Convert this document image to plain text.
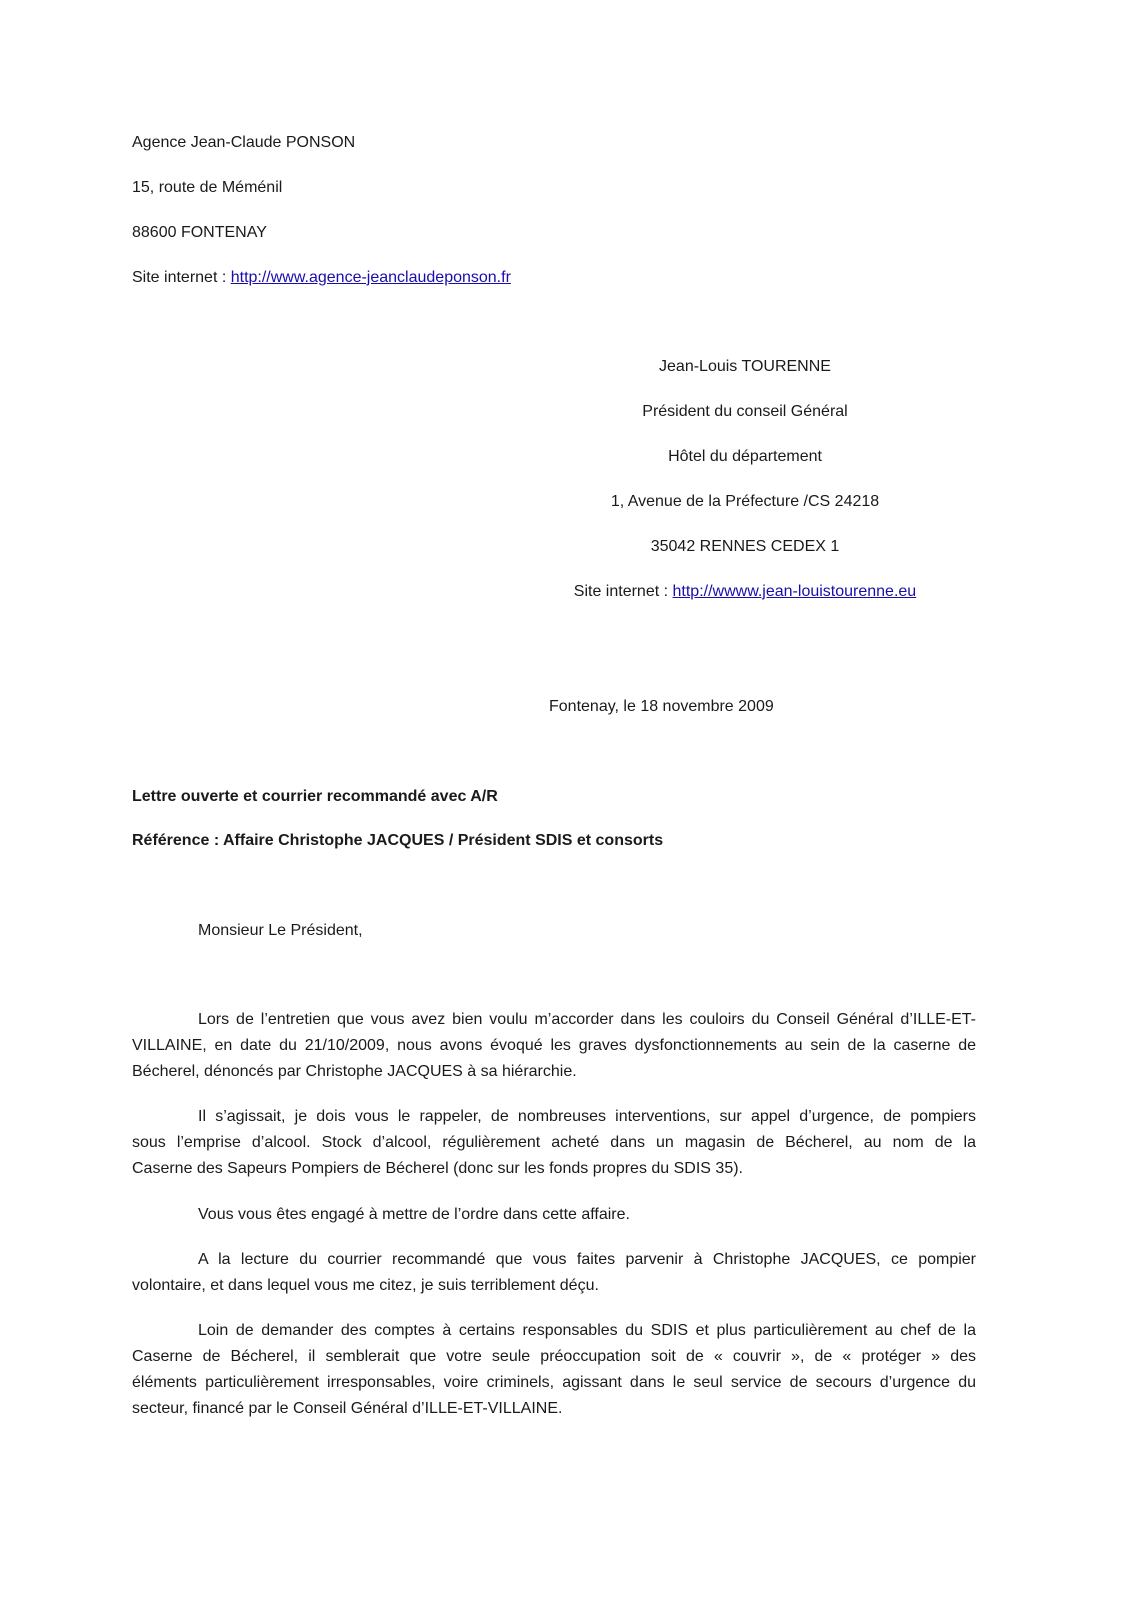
Agence Jean-Claude PONSON
15, route de Méménil
88600 FONTENAY
Site internet : http://www.agence-jeanclaudeponson.fr
Jean-Louis TOURENNE
Président du conseil Général
Hôtel du département
1, Avenue de la Préfecture /CS 24218
35042 RENNES CEDEX 1
Site internet : http://wwww.jean-louistourenne.eu
Fontenay, le 18 novembre 2009
Lettre ouverte et courrier recommandé avec A/R
Référence : Affaire Christophe JACQUES / Président SDIS et consorts
Monsieur Le Président,
Lors de l’entretien que vous avez bien voulu m’accorder dans les couloirs du Conseil Général d’ILLE-ET-
VILLAINE, en date du 21/10/2009, nous avons évoqué les graves dysfonctionnements au sein de la caserne de
Bécherel, dénoncés par Christophe JACQUES à sa hiérarchie.
Il s’agissait, je dois vous le rappeler, de nombreuses interventions, sur appel d’urgence, de pompiers
sous l’emprise d’alcool. Stock d’alcool, régulièrement acheté dans un magasin de Bécherel, au nom de la
Caserne des Sapeurs Pompiers de Bécherel (donc sur les fonds propres du SDIS 35).
Vous vous êtes engagé à mettre de l’ordre dans cette affaire.
A la lecture du courrier recommandé que vous faites parvenir à Christophe JACQUES, ce pompier
volontaire, et dans lequel vous me citez, je suis terriblement déçu.
Loin de demander des comptes à certains responsables du SDIS et plus particulièrement au chef de la
Caserne de Bécherel, il semblerait que votre seule préoccupation soit de « couvrir », de « protéger » des
éléments particulièrement irresponsables, voire criminels, agissant dans le seul service de secours d’urgence du
secteur, financé par le Conseil Général d’ILLE-ET-VILLAINE.
